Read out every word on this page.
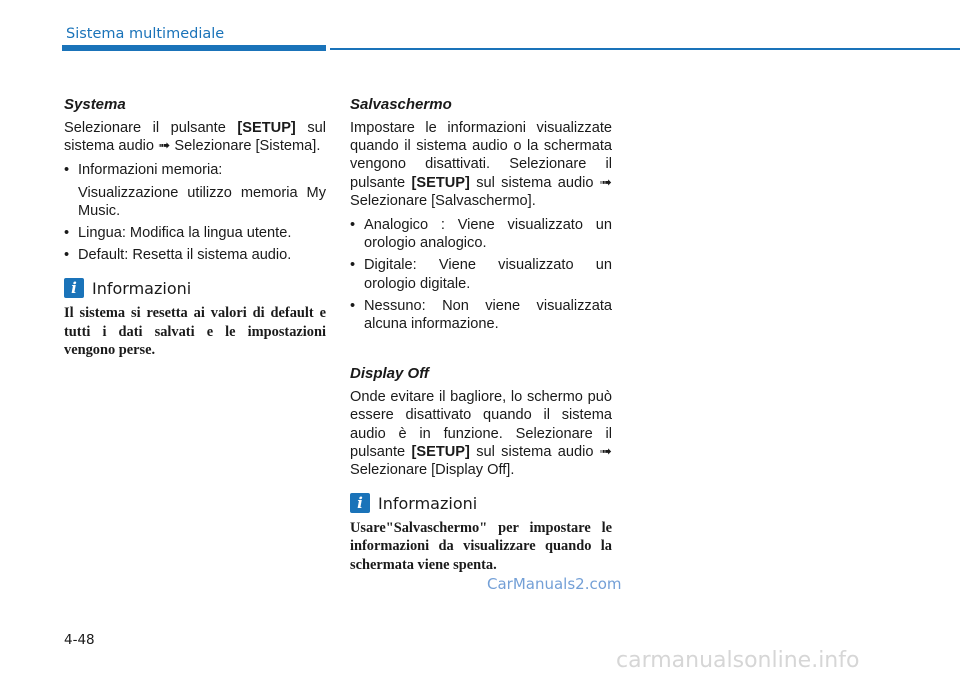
Sistema multimediale
Systema

Selezionare il pulsante [SETUP] sul sistema audio ➟ Selezionare [Sistema].

• Informazioni memoria:
Visualizzazione utilizzo memoria My Music.
• Lingua: Modifica la lingua utente.
• Default: Resetta il sistema audio.
i Informazioni

Il sistema si resetta ai valori di default e tutti i dati salvati e le impostazioni vengono perse.

Salvaschermo

Impostare le informazioni visualizzate quando il sistema audio o la schermata vengono disattivati. Selezionare il pulsante [SETUP] sul sistema audio ➟ Selezionare [Salvaschermo].

• Analogico : Viene visualizzato un orologio analogico.
• Digitale: Viene visualizzato un orologio digitale.
• Nessuno: Non viene visualizzata alcuna informazione.
Display Off

Onde evitare il bagliore, lo schermo può essere disattivato quando il sistema audio è in funzione. Selezionare il pulsante [SETUP] sul sistema audio ➟ Selezionare [Display Off].

i Informazioni

Usare"Salvaschermo" per impostare le informazioni da visualizzare quando la schermata viene spenta.

CarManuals2.com
4-48
carmanualsonline.info
